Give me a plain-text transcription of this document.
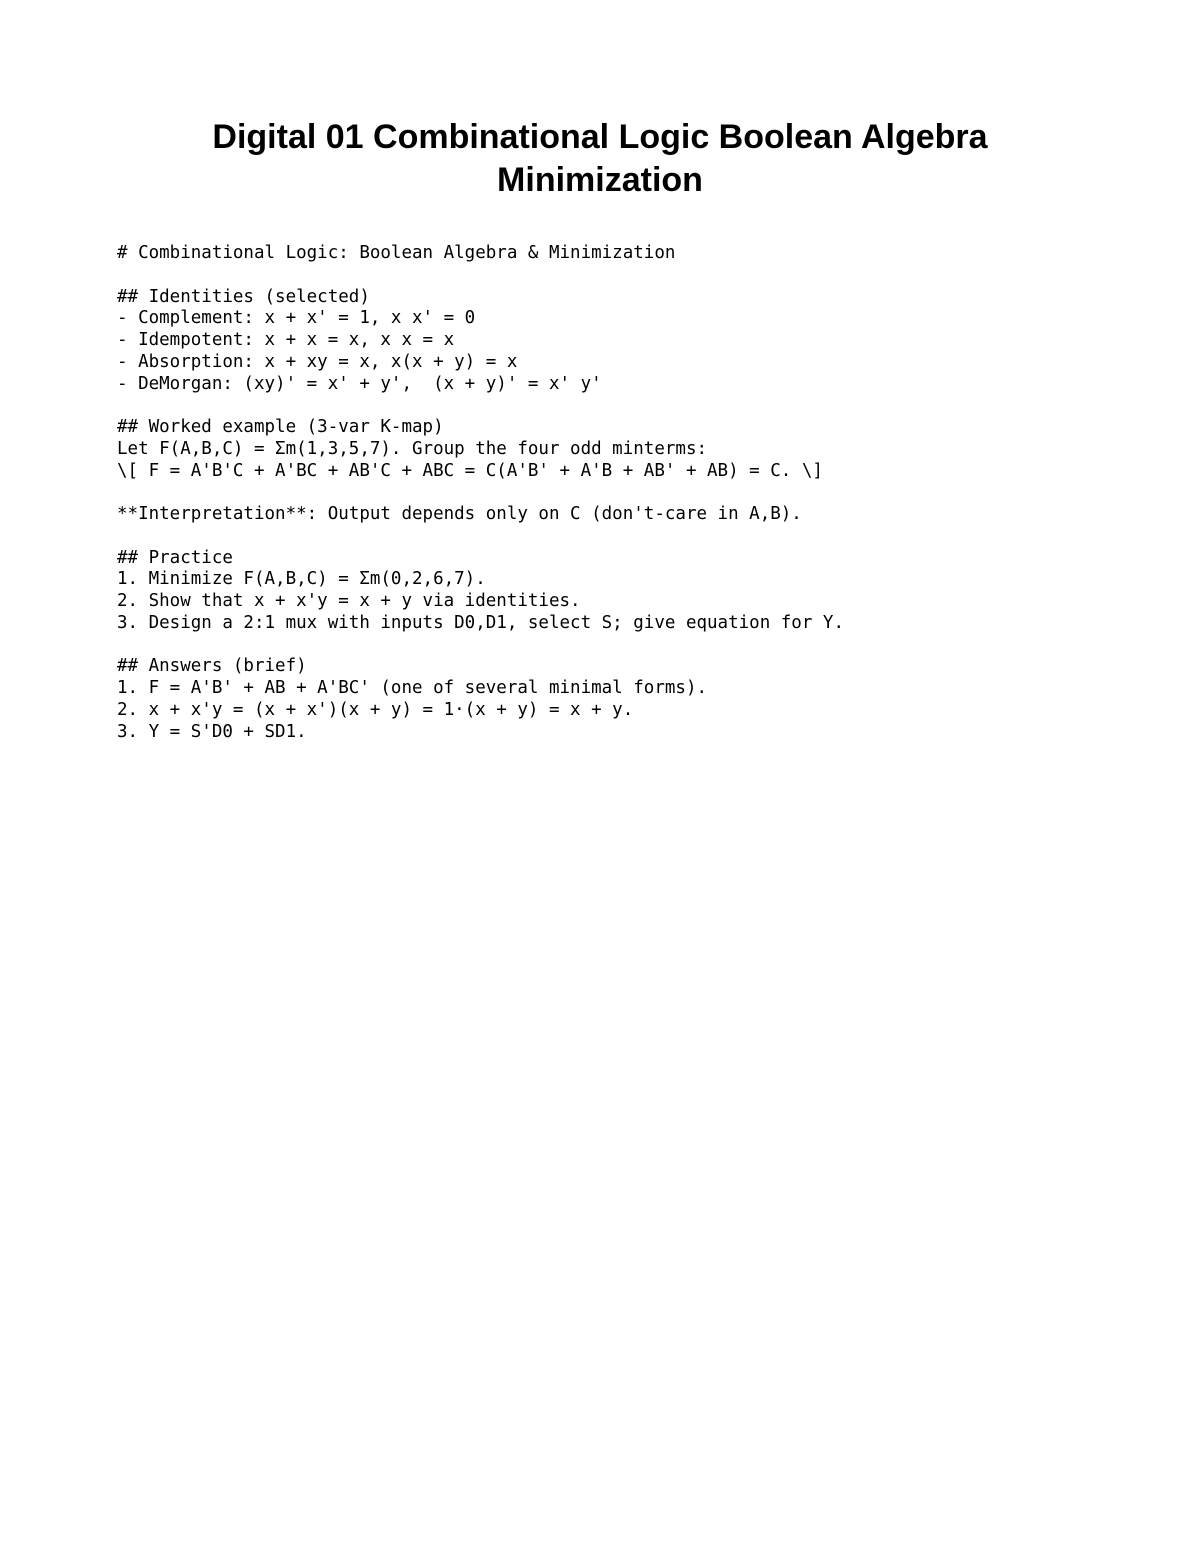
Digital 01 Combinational Logic Boolean Algebra
Minimization
# Combinational Logic: Boolean Algebra & Minimization
## Identities (selected)
- Complement: x + x' = 1, x x' = 0
- Idempotent: x + x = x, x x = x
- Absorption: x + xy = x, x(x + y) = x
- DeMorgan: (xy)' = x' + y',  (x + y)' = x' y'
## Worked example (3-var K-map)
Let F(A,B,C) = Σm(1,3,5,7). Group the four odd minterms:
\[ F = A'B'C + A'BC + AB'C + ABC = C(A'B' + A'B + AB' + AB) = C. \]
**Interpretation**: Output depends only on C (don't-care in A,B).
## Practice
1. Minimize F(A,B,C) = Σm(0,2,6,7).
2. Show that x + x'y = x + y via identities.
3. Design a 2:1 mux with inputs D0,D1, select S; give equation for Y.
## Answers (brief)
1. F = A'B' + AB + A'BC' (one of several minimal forms).
2. x + x'y = (x + x')(x + y) = 1·(x + y) = x + y.
3. Y = S'D0 + SD1.
